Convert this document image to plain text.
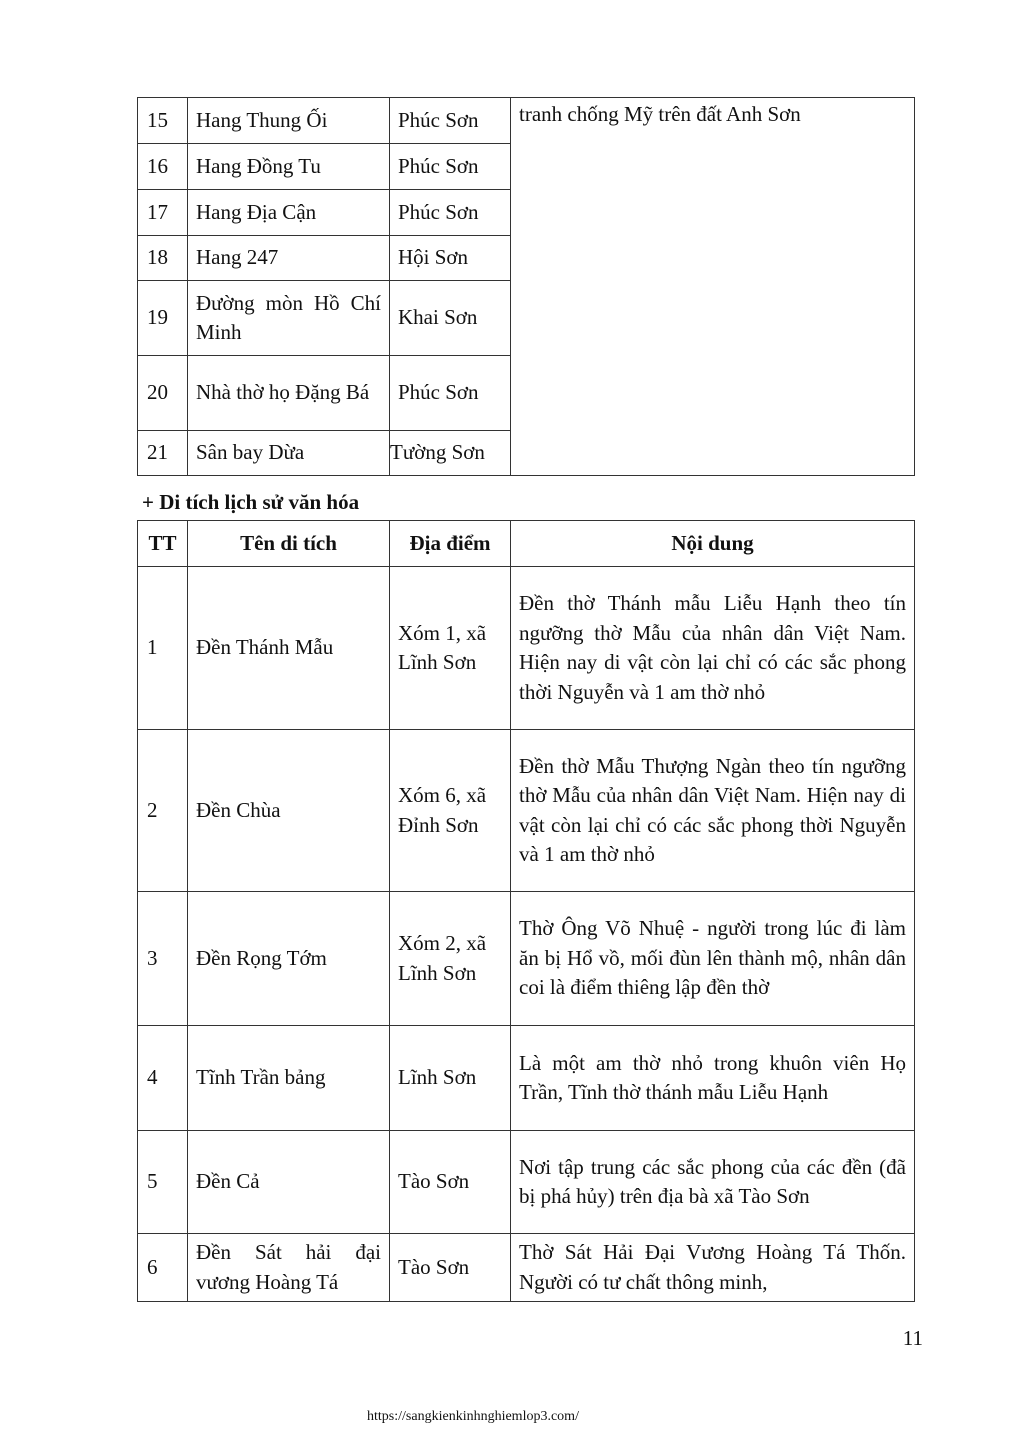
15	Hang Thung Ối	Phúc Sơn	tranh chống Mỹ trên đất Anh Sơn
16	Hang Đồng Tu	Phúc Sơn	
17	Hang Địa Cận	Phúc Sơn	
18	Hang 247	Hội Sơn	
19	Đường mòn Hồ Chí Minh	Khai Sơn	
20	Nhà thờ họ Đặng Bá	Phúc Sơn	
21	Sân bay Dừa	Tường Sơn	
+ Di tích lịch sử văn hóa
TT	Tên di tích	Địa điểm	Nội dung
1	Đền Thánh Mẫu	Xóm 1, xã Lĩnh Sơn	Đền thờ Thánh mẫu Liễu Hạnh theo tín ngưỡng thờ Mẫu của nhân dân Việt Nam. Hiện nay di vật còn lại chỉ có các sắc phong thời Nguyễn và 1 am thờ nhỏ
2	Đền Chùa	Xóm 6, xã Đỉnh Sơn	Đền thờ Mẫu Thượng Ngàn theo tín ngưỡng thờ Mẫu của nhân dân Việt Nam. Hiện nay di vật còn lại chỉ có các sắc phong thời Nguyễn và 1 am thờ nhỏ
3	Đền Rọng Tớm	Xóm 2, xã Lĩnh Sơn	Thờ Ông Võ Nhuệ - người trong lúc đi làm ăn bị Hổ vồ, mối đùn lên thành mộ, nhân dân coi là điểm thiêng lập đền thờ
4	Tĩnh Trần bảng	Lĩnh Sơn	Là một am thờ nhỏ trong khuôn viên Họ Trần, Tĩnh thờ thánh mẫu Liễu Hạnh
5	Đền Cả	Tào Sơn	Nơi tập trung các sắc phong của các đền (đã bị phá hủy) trên địa bà xã Tào Sơn
6	Đền Sát hải đại vương Hoàng Tá	Tào Sơn	Thờ Sát Hải Đại Vương Hoàng Tá Thốn. Người có tư chất thông minh,
11
https://sangkienkinhnghiemlop3.com/
